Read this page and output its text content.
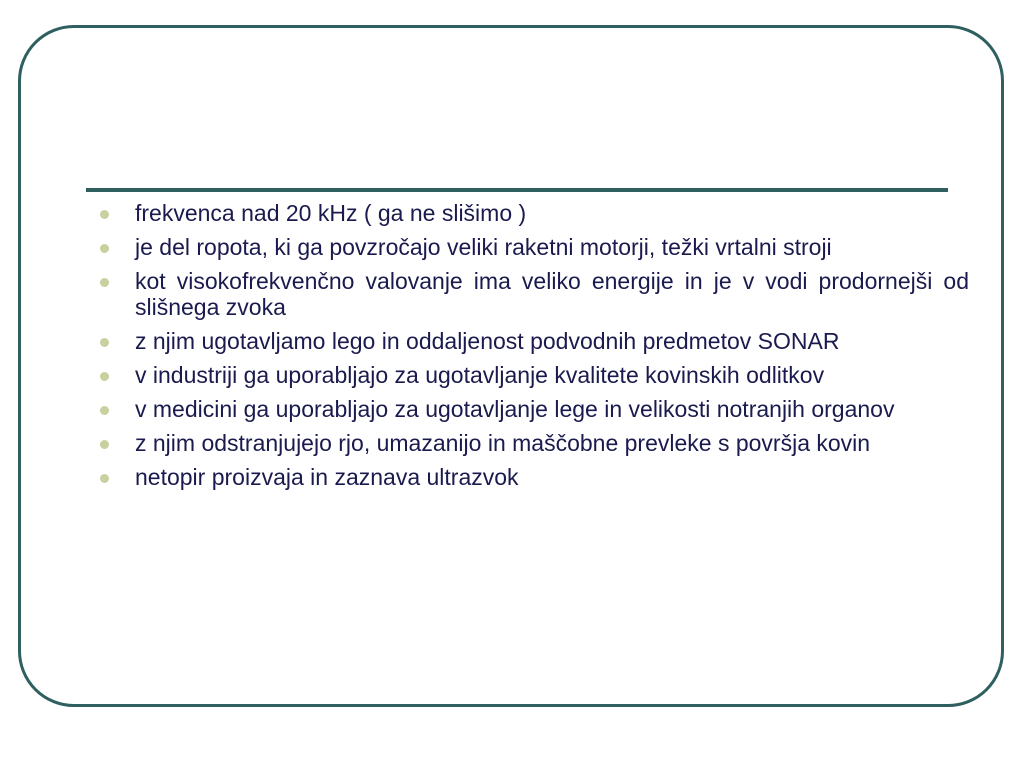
frekvenca nad 20 kHz ( ga ne slišimo )
je del ropota, ki ga povzročajo veliki raketni motorji, težki vrtalni stroji
kot visokofrekvenčno valovanje ima veliko energije in je v vodi prodornejši od slišnega zvoka
z njim ugotavljamo lego in oddaljenost podvodnih predmetov SONAR
v industriji ga uporabljajo za ugotavljanje kvalitete kovinskih odlitkov
v medicini ga uporabljajo za ugotavljanje lege in velikosti notranjih organov
z njim odstranjujejo rjo, umazanijo in maščobne prevleke s površja kovin
netopir proizvaja in zaznava ultrazvok
